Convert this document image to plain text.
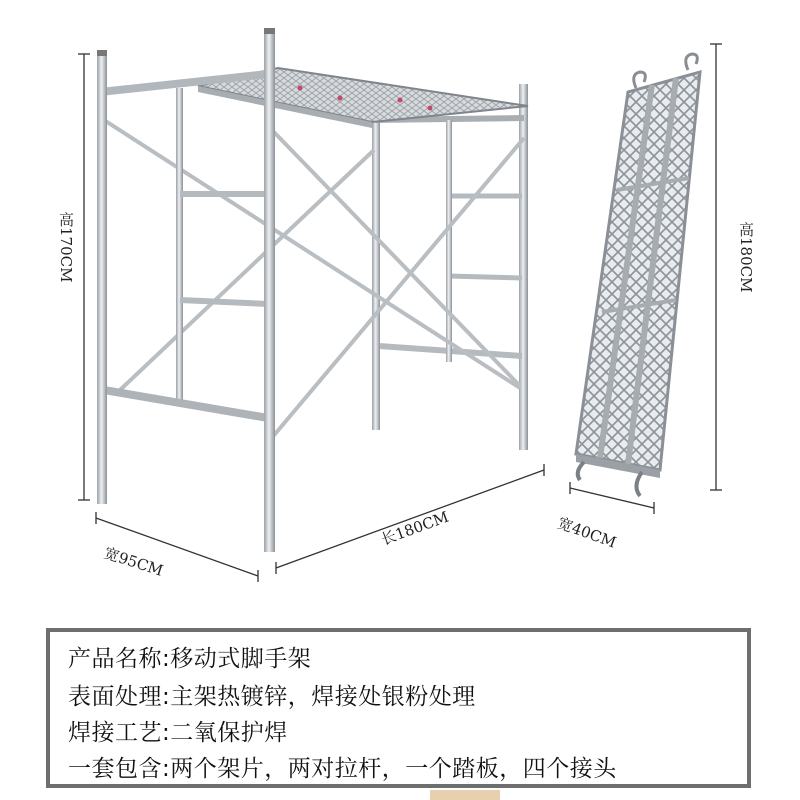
高170CM	高180CM
宽95CM
长180CM	宽40CM
产品名称:移动式脚手架
表面处理:主架热镀锌，焊接处银粉处理
焊接工艺:二氧保护焊
一套包含:两个架片，两对拉杆，一个踏板，四个接头
